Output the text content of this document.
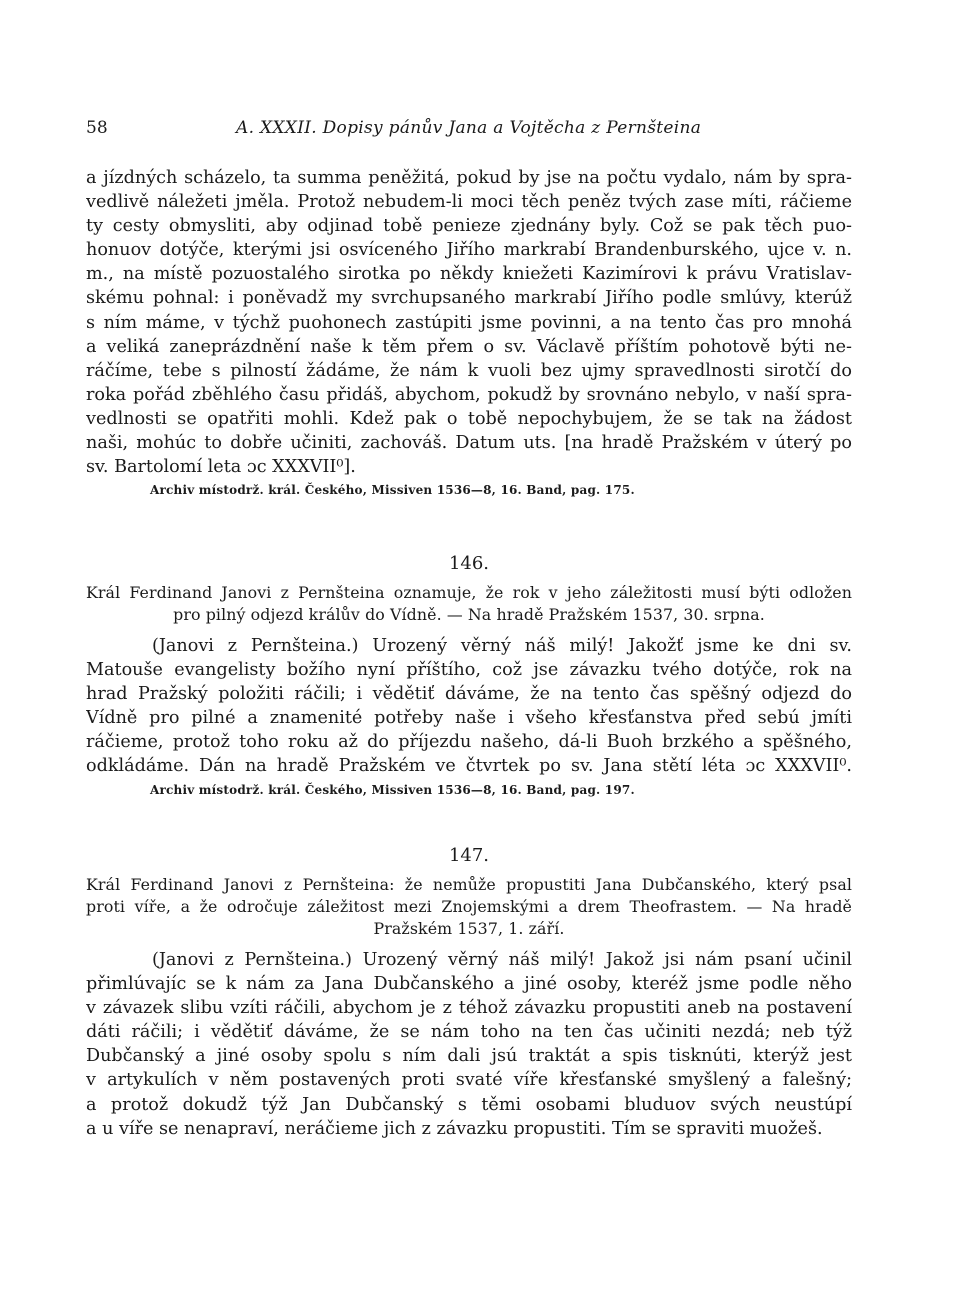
58	A. XXXII. Dopisy pánův Jana a Vojtěcha z Pernšteina
a jízdných scházelo, ta summa peněžitá, pokud by jse na počtu vydalo, nám by spra-
vedlivě náležeti jměla. Protož nebudem-li moci těch peněz tvých zase míti, ráčieme
ty cesty obmysliti, aby odjinad tobě penieze zjednány byly. Což se pak těch puo-
honuov dotýče, kterými jsi osvíceného Jiřího markrabí Brandenburského, ujce v. n.
m., na místě pozuostalého sirotka po někdy kniežeti Kazimírovi k právu Vratislav-
skému pohnal: i poněvadž my svrchupsaného markrabí Jiřího podle smlúvy, kterúž
s ním máme, v týchž puohonech zastúpiti jsme povinni, a na tento čas pro mnohá
a veliká zaneprázdnění naše k těm přem o sv. Václavě příštím pohotově býti ne-
ráčíme, tebe s pilností žádáme, že nám k vuoli bez ujmy spravedlnosti sirotčí do
roka pořád zběhlého času přidáš, abychom, pokudž by srovnáno nebylo, v naší spra-
vedlnosti se opatřiti mohli. Kdež pak o tobě nepochybujem, že se tak na žádost
naši, mohúc to dobře učiniti, zachováš. Datum uts. [na hradě Pražském v úterý po
sv. Bartolomí leta ɔc XXXVII⁰].
Archiv místodrž. král. Českého, Missiven 1536—8, 16. Band, pag. 175.
146.
Král Ferdinand Janovi z Pernšteina oznamuje, že rok v jeho záležitosti musí býti odložen
pro pilný odjezd králův do Vídně. — Na hradě Pražském 1537, 30. srpna.
(Janovi z Pernšteina.) Urozený věrný náš milý! Jakožť jsme ke dni sv.
Matouše evangelisty božího nyní příštího, což jse závazku tvého dotýče, rok na
hrad Pražský položiti ráčili; i vědětiť dáváme, že na tento čas spěšný odjezd do
Vídně pro pilné a znamenité potřeby naše i všeho křesťanstva před sebú jmíti
ráčieme, protož toho roku až do příjezdu našeho, dá-li Buoh brzkého a spěšného,
odkládáme. Dán na hradě Pražském ve čtvrtek po sv. Jana stětí léta ɔc XXXVII⁰.
Archiv místodrž. král. Českého, Missiven 1536—8, 16. Band, pag. 197.
147.
Král Ferdinand Janovi z Pernšteina: že nemůže propustiti Jana Dubčanského, který psal
proti víře, a že odročuje záležitost mezi Znojemskými a drem Theofrastem. — Na hradě
Pražském 1537, 1. září.
(Janovi z Pernšteina.) Urozený věrný náš milý! Jakož jsi nám psaní učinil
přimlúvajíc se k nám za Jana Dubčanského a jiné osoby, kteréž jsme podle něho
v závazek slibu vzíti ráčili, abychom je z téhož závazku propustiti aneb na postavení
dáti ráčili; i vědětiť dáváme, že se nám toho na ten čas učiniti nezdá; neb týž
Dubčanský a jiné osoby spolu s ním dali jsú traktát a spis tisknúti, kterýž jest
v artykulích v něm postavených proti svaté víře křesťanské smyšlený a falešný;
a protož dokudž týž Jan Dubčanský s těmi osobami bluduov svých neustúpí
a u víře se nenapraví, neráčieme jich z závazku propustiti. Tím se spraviti muožeš.
